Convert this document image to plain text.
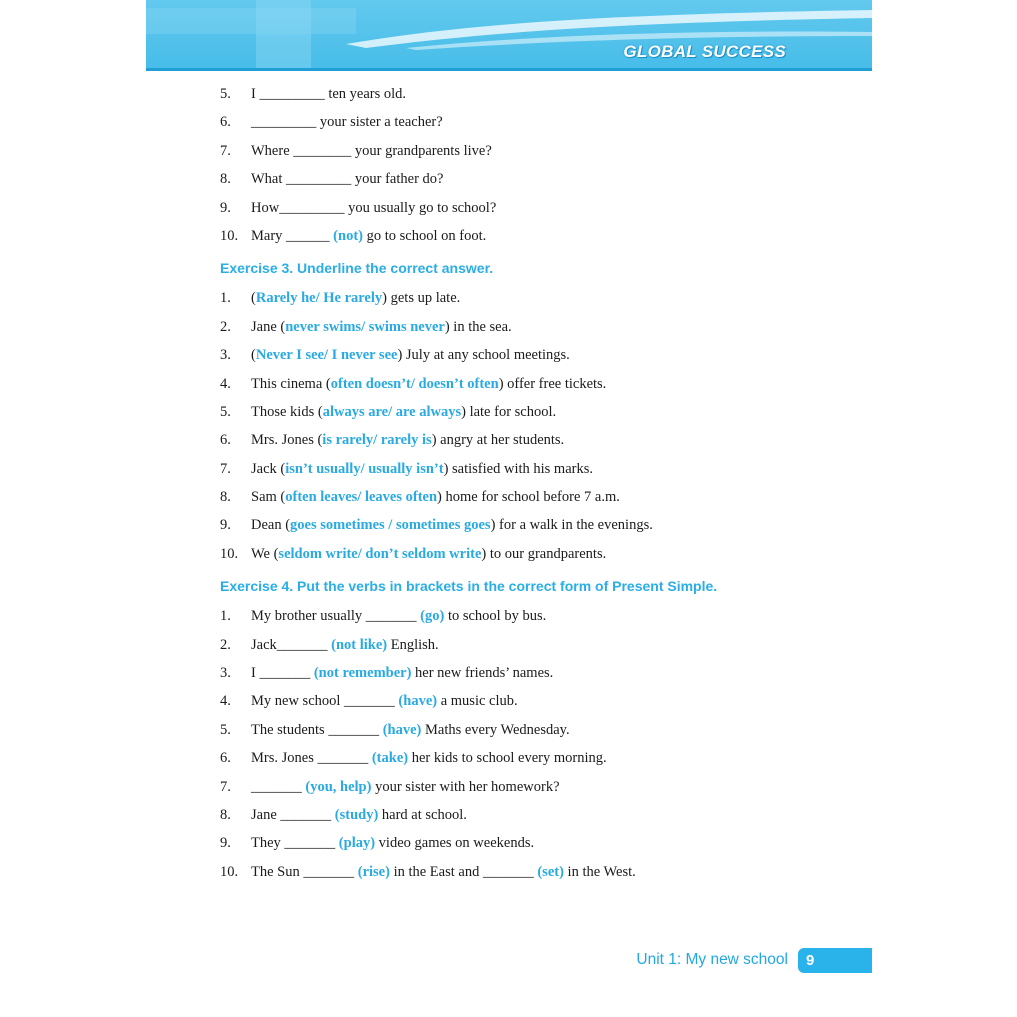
GLOBAL SUCCESS
5.	I _________ ten years old.
6.	_________ your sister a teacher?
7.	Where ________ your grandparents live?
8.	What _________ your father do?
9.	How_________ you usually go to school?
10. Mary ______ (not) go to school on foot.
Exercise 3. Underline the correct answer.
1.	(Rarely he/ He rarely) gets up late.
2.	Jane (never swims/ swims never) in the sea.
3.	(Never I see/ I never see) July at any school meetings.
4.	This cinema (often doesn’t/ doesn’t often) offer free tickets.
5.	Those kids (always are/ are always) late for school.
6.	Mrs. Jones (is rarely/ rarely is) angry at her students.
7.	Jack (isn’t usually/ usually isn’t) satisfied with his marks.
8.	Sam (often leaves/ leaves often) home for school before 7 a.m.
9.	Dean (goes sometimes / sometimes goes) for a walk in the evenings.
10. We (seldom write/ don’t seldom write) to our grandparents.
Exercise 4. Put the verbs in brackets in the correct form of Present Simple.
1.	My brother usually _______ (go) to school by bus.
2.	Jack_______ (not like) English.
3.	I _______ (not remember) her new friends’ names.
4.	My new school _______ (have) a music club.
5.	The students _______ (have) Maths every Wednesday.
6.	Mrs. Jones _______ (take) her kids to school every morning.
7.	_______ (you, help) your sister with her homework?
8.	Jane _______ (study) hard at school.
9.	They _______ (play) video games on weekends.
10. The Sun _______ (rise) in the East and _______ (set) in the West.
Unit 1: My new school	9
